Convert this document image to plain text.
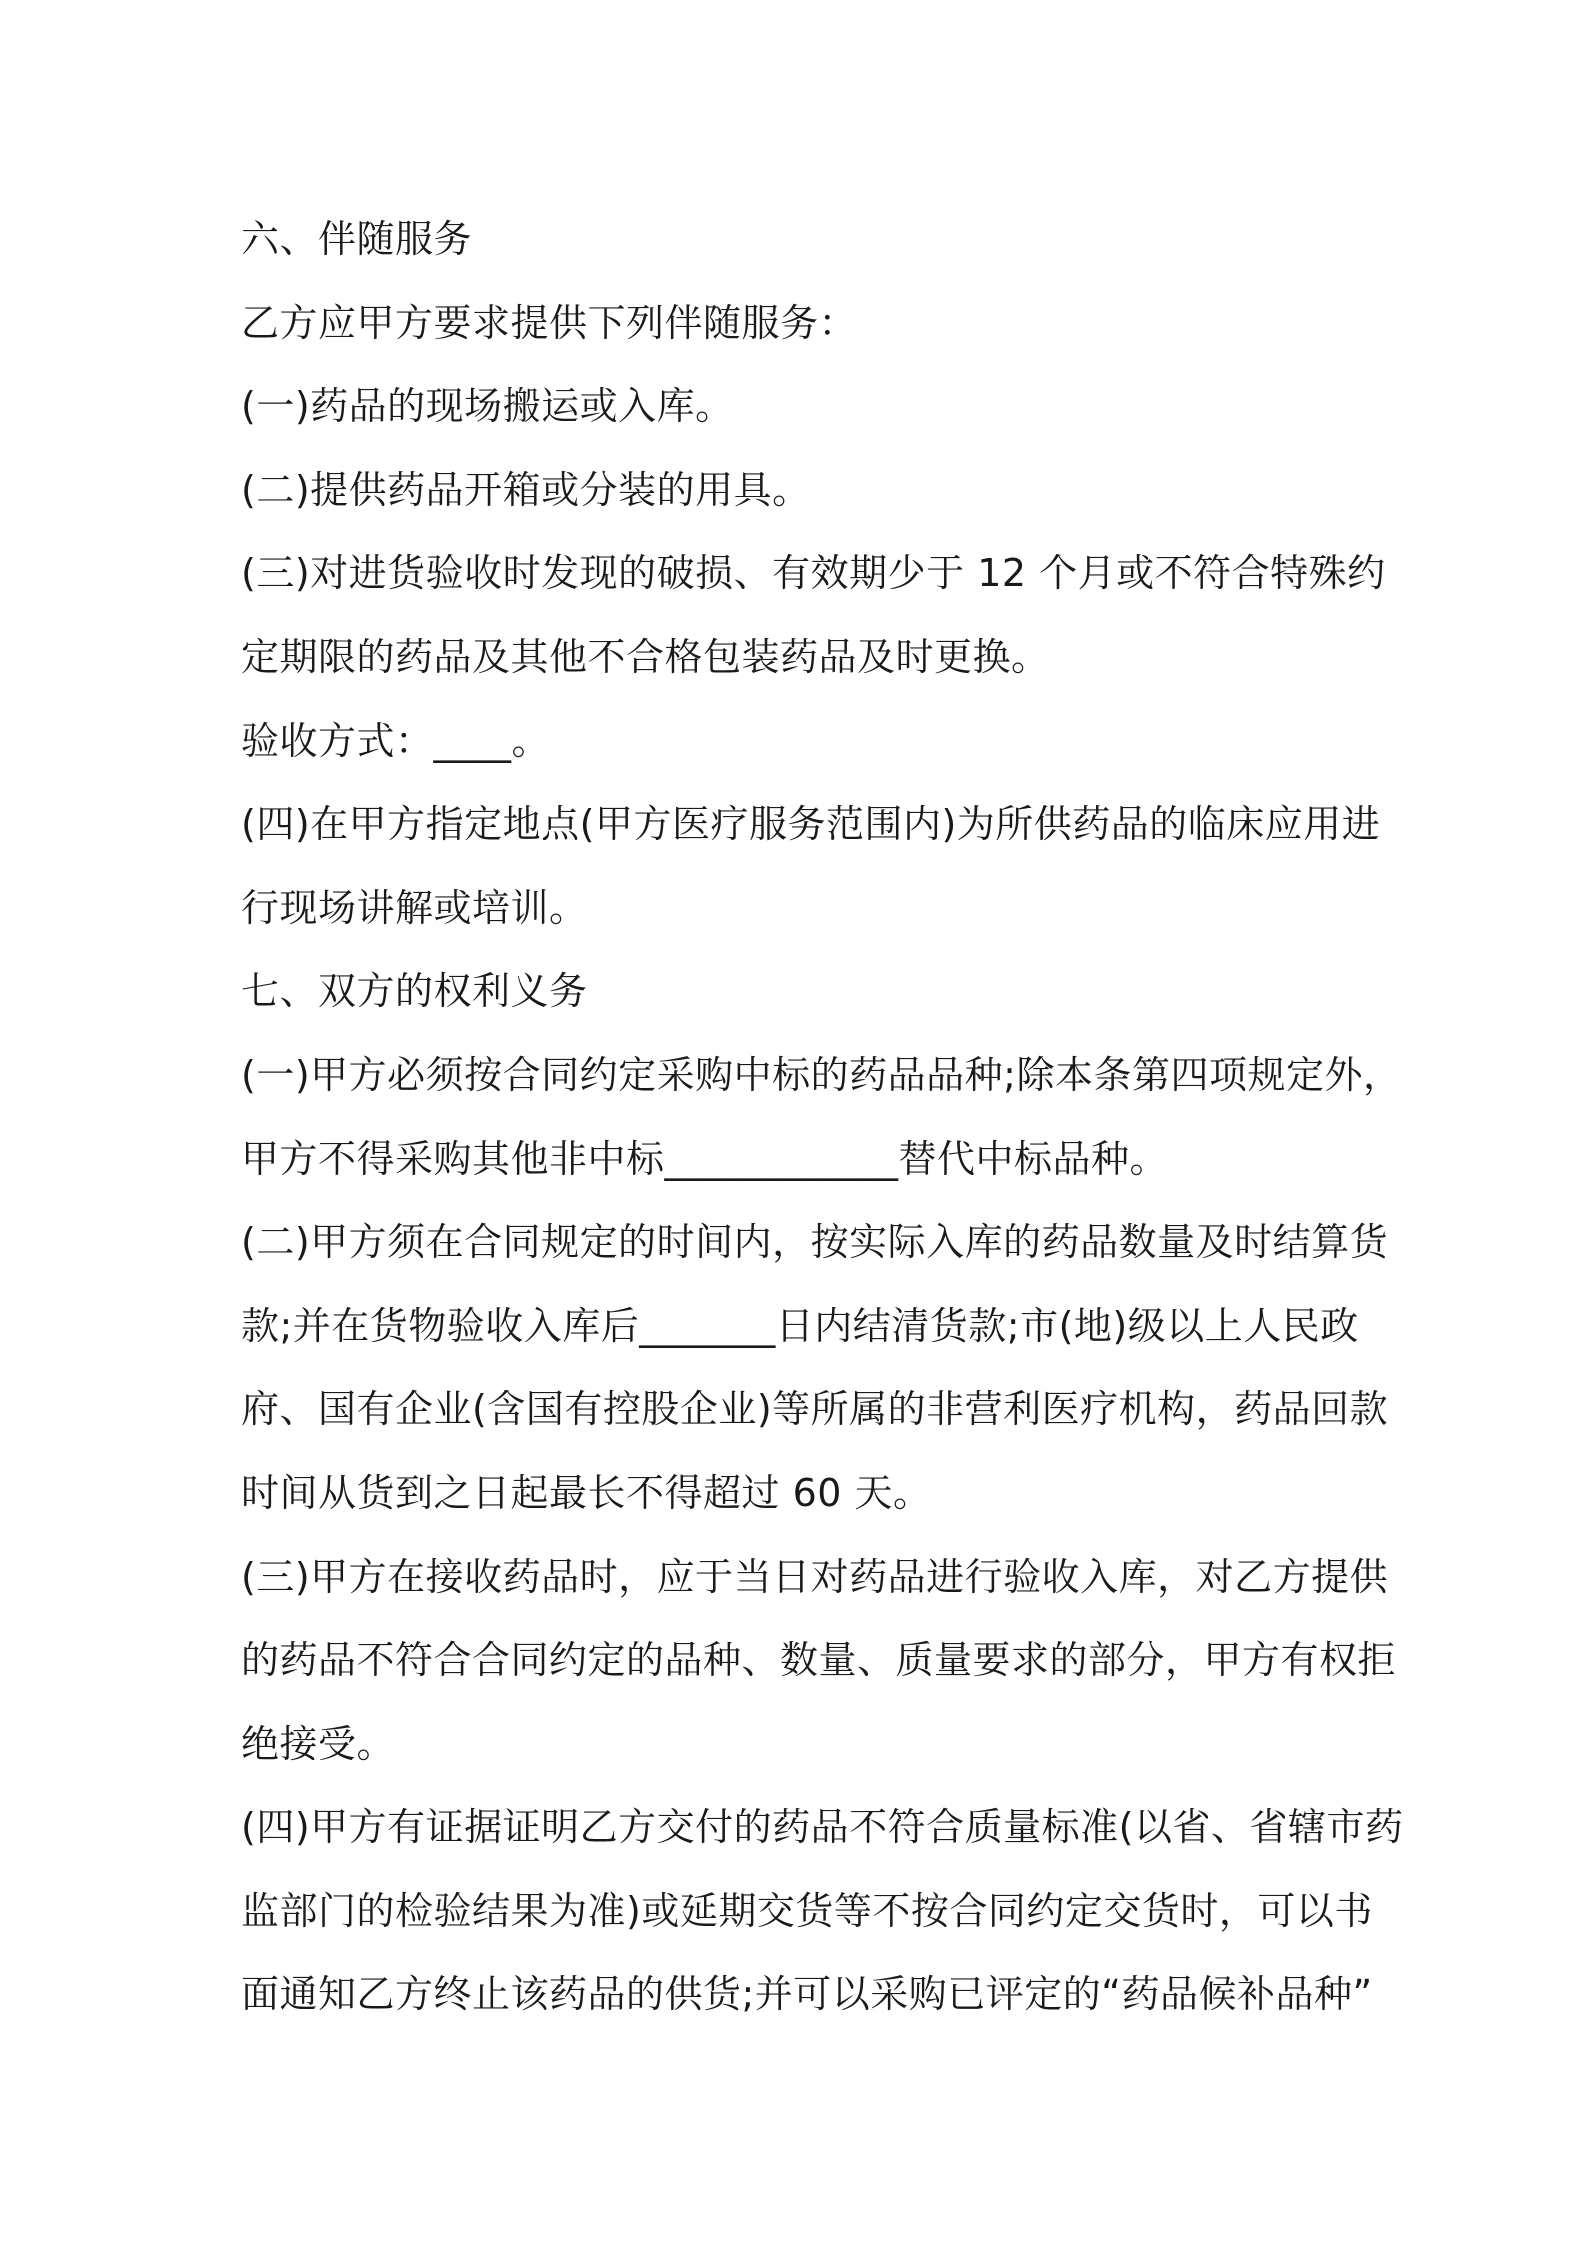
六、伴随服务
乙方应甲方要求提供下列伴随服务：
(一)药品的现场搬运或入库。
(二)提供药品开箱或分装的用具。
(三)对进货验收时发现的破损、有效期少于 12 个月或不符合特殊约
定期限的药品及其他不合格包装药品及时更换。
验收方式：____。
(四)在甲方指定地点(甲方医疗服务范围内)为所供药品的临床应用进
行现场讲解或培训。
七、双方的权利义务
(一)甲方必须按合同约定采购中标的药品品种;除本条第四项规定外，
甲方不得采购其他非中标____________替代中标品种。
(二)甲方须在合同规定的时间内，按实际入库的药品数量及时结算货
款;并在货物验收入库后_______日内结清货款;市(地)级以上人民政
府、国有企业(含国有控股企业)等所属的非营利医疗机构，药品回款
时间从货到之日起最长不得超过 60 天。
(三)甲方在接收药品时，应于当日对药品进行验收入库，对乙方提供
的药品不符合合同约定的品种、数量、质量要求的部分，甲方有权拒
绝接受。
(四)甲方有证据证明乙方交付的药品不符合质量标准(以省、省辖市药
监部门的检验结果为准)或延期交货等不按合同约定交货时，可以书
面通知乙方终止该药品的供货;并可以采购已评定的“药品候补品种”
